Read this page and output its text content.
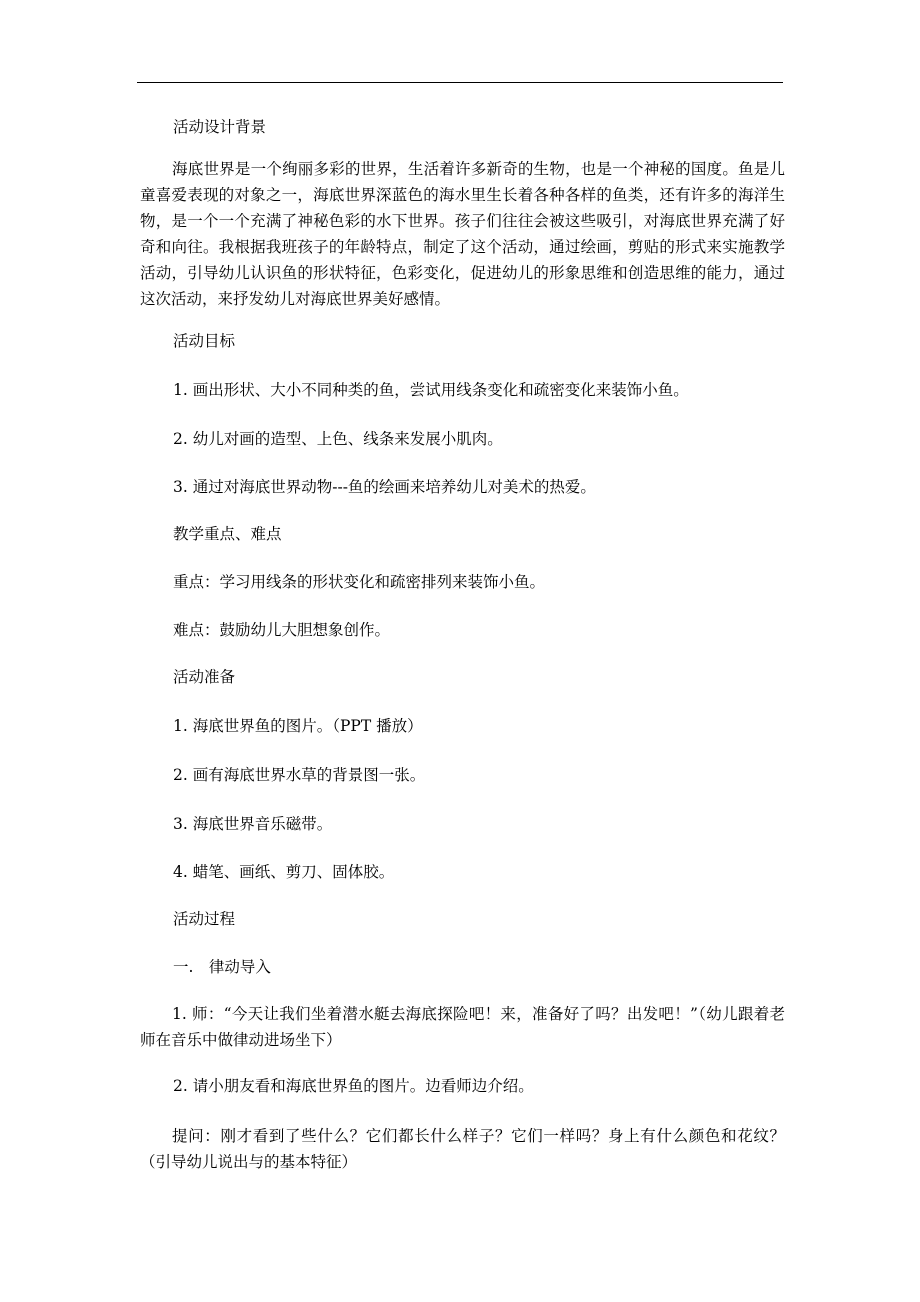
活动设计背景
海底世界是一个绚丽多彩的世界，生活着许多新奇的生物，也是一个神秘的国度。鱼是儿童喜爱表现的对象之一，海底世界深蓝色的海水里生长着各种各样的鱼类，还有许多的海洋生物，是一个一个充满了神秘色彩的水下世界。孩子们往往会被这些吸引，对海底世界充满了好奇和向往。我根据我班孩子的年龄特点，制定了这个活动，通过绘画，剪贴的形式来实施教学活动，引导幼儿认识鱼的形状特征，色彩变化，促进幼儿的形象思维和创造思维的能力，通过这次活动，来抒发幼儿对海底世界美好感情。
活动目标
1. 画出形状、大小不同种类的鱼，尝试用线条变化和疏密变化来装饰小鱼。
2. 幼儿对画的造型、上色、线条来发展小肌肉。
3. 通过对海底世界动物---鱼的绘画来培养幼儿对美术的热爱。
教学重点、难点
重点：学习用线条的形状变化和疏密排列来装饰小鱼。
难点：鼓励幼儿大胆想象创作。
活动准备
1. 海底世界鱼的图片。（PPT 播放）
2. 画有海底世界水草的背景图一张。
3. 海底世界音乐磁带。
4. 蜡笔、画纸、剪刀、固体胶。
活动过程
一.　律动导入
1. 师：“今天让我们坐着潜水艇去海底探险吧！来，准备好了吗？出发吧！”（幼儿跟着老师在音乐中做律动进场坐下）
2. 请小朋友看和海底世界鱼的图片。边看师边介绍。
提问：刚才看到了些什么？它们都长什么样子？它们一样吗？身上有什么颜色和花纹？（引导幼儿说出与的基本特征）
